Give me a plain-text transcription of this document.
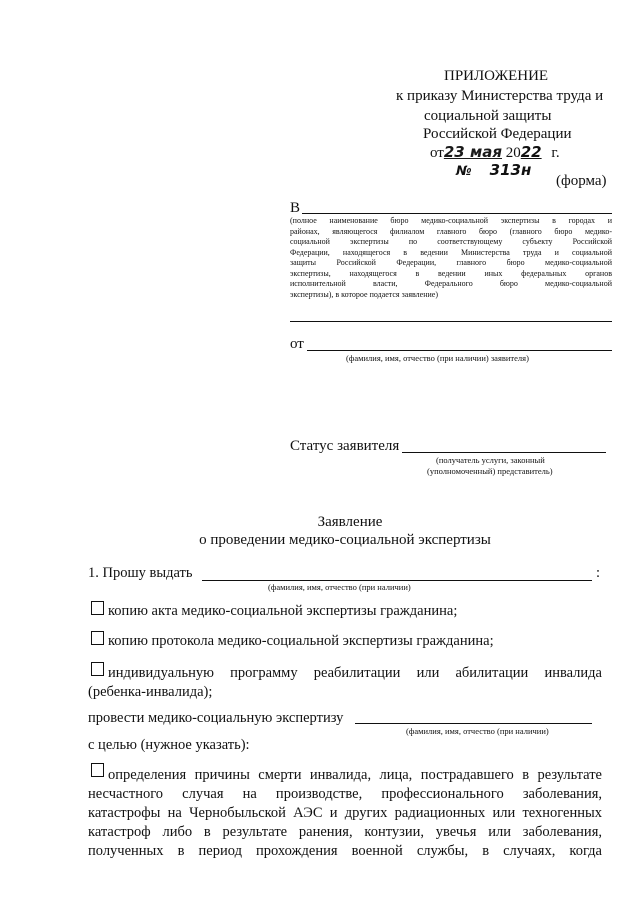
ПРИЛОЖЕНИЕ
к приказу Министерства труда и
социальной защиты
Российской Федерации
от23 мая 2022 г.
№ 313н
(форма)
В
(полное наименование бюро медико-социальной экспертизы в городах и
районах, являющегося филиалом главного бюро (главного бюро медико-
социальной экспертизы по соответствующему субъекту Российской
Федерации, находящегося в ведении Министерства труда и социальной
защиты Российской Федерации, главного бюро медико-социальной
экспертизы, находящегося в ведении иных федеральных органов
исполнительной власти, Федерального бюро медико-социальной
экспертизы), в которое подается заявление)
от
(фамилия, имя, отчество (при наличии) заявителя)
Статус заявителя
(получатель услуги, законный
(уполномоченный) представитель)
Заявление
о проведении медико-социальной экспертизы
1. Прошу выдать	:
(фамилия, имя, отчество (при наличии)
копию акта медико-социальной экспертизы гражданина;
копию протокола медико-социальной экспертизы гражданина;
индивидуальную программу реабилитации или абилитации инвалида
(ребенка-инвалида);
провести медико-социальную экспертизу
(фамилия, имя, отчество (при наличии)
с целью (нужное указать):
определения причины смерти инвалида, лица, пострадавшего в результате
несчастного случая на производстве, профессионального заболевания,
катастрофы на Чернобыльской АЭС и других радиационных или техногенных
катастроф либо в результате ранения, контузии, увечья или заболевания,
полученных в период прохождения военной службы, в случаях, когда
